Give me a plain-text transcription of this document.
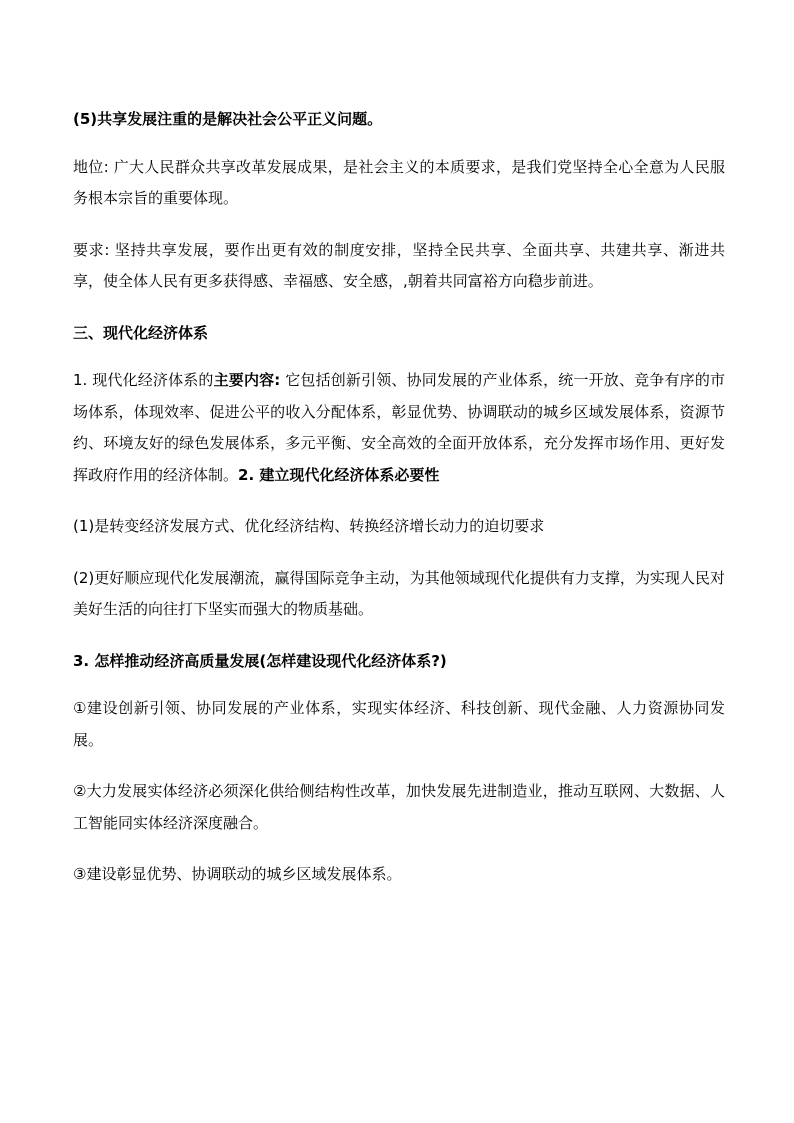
(5)共享发展注重的是解决社会公平正义问题。

地位: 广大人民群众共享改革发展成果，是社会主义的本质要求，是我们党坚持全心全意为人民服务根本宗旨的重要体现。

要求: 坚持共享发展，要作出更有效的制度安排，坚持全民共享、全面共享、共建共享、渐进共享，使全体人民有更多获得感、幸福感、安全感，,朝着共同富裕方向稳步前进。

三、现代化经济体系

1. 现代化经济体系的主要内容: 它包括创新引领、协同发展的产业体系，统一开放、竞争有序的市场体系，体现效率、促进公平的收入分配体系，彰显优势、协调联动的城乡区域发展体系，资源节约、环境友好的绿色发展体系，多元平衡、安全高效的全面开放体系，充分发挥市场作用、更好发挥政府作用的经济体制。2. 建立现代化经济体系必要性

(1)是转变经济发展方式、优化经济结构、转换经济增长动力的迫切要求

(2)更好顺应现代化发展潮流，赢得国际竞争主动，为其他领域现代化提供有力支撑，为实现人民对美好生活的向往打下坚实而强大的物质基础。

3. 怎样推动经济高质量发展(怎样建设现代化经济体系?)

①建设创新引领、协同发展的产业体系，实现实体经济、科技创新、现代金融、人力资源协同发展。

②大力发展实体经济必须深化供给侧结构性改革，加快发展先进制造业，推动互联网、大数据、人工智能同实体经济深度融合。

③建设彰显优势、协调联动的城乡区域发展体系。
